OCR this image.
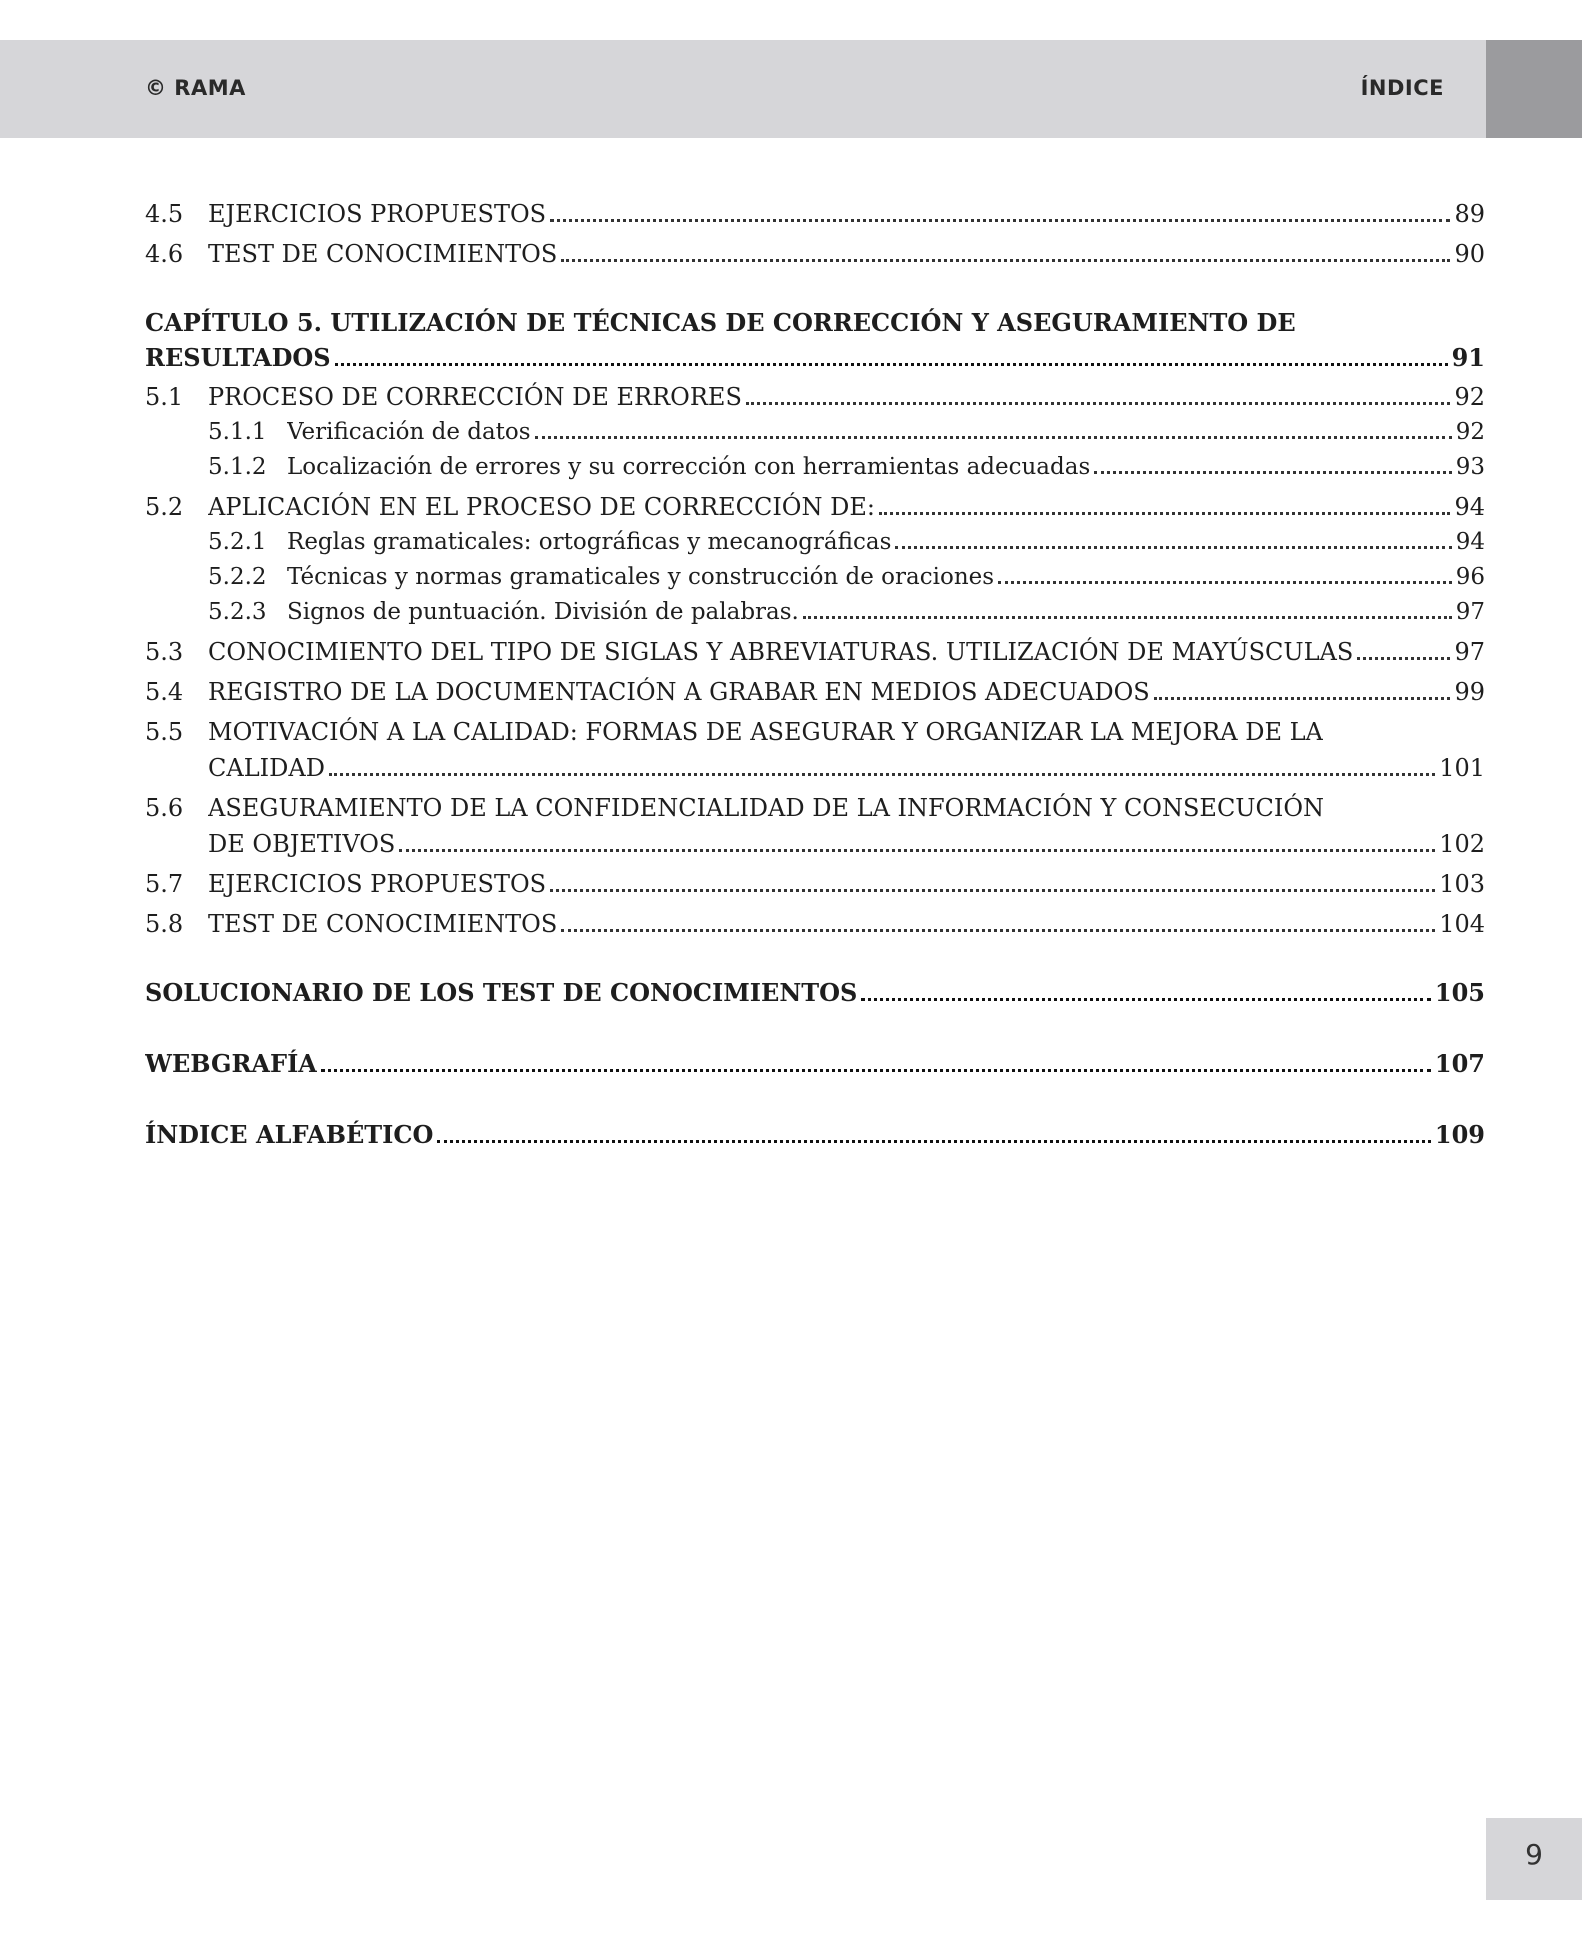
© RAMA	ÍNDICE
4.5 EJERCICIOS PROPUESTOS	89
4.6 TEST DE CONOCIMIENTOS	90
CAPÍTULO 5. UTILIZACIÓN DE TÉCNICAS DE CORRECCIÓN Y ASEGURAMIENTO DE
RESULTADOS	91
5.1 PROCESO DE CORRECCIÓN DE ERRORES	92
5.1.1 Verificación de datos	92
5.1.2 Localización de errores y su corrección con herramientas adecuadas	93
5.2 APLICACIÓN EN EL PROCESO DE CORRECCIÓN DE:	94
5.2.1 Reglas gramaticales: ortográficas y mecanográficas	94
5.2.2 Técnicas y normas gramaticales y construcción de oraciones	96
5.2.3 Signos de puntuación. División de palabras.	97
5.3 CONOCIMIENTO DEL TIPO DE SIGLAS Y ABREVIATURAS. UTILIZACIÓN DE MAYÚSCULAS	97
5.4 REGISTRO DE LA DOCUMENTACIÓN A GRABAR EN MEDIOS ADECUADOS	99
5.5 MOTIVACIÓN A LA CALIDAD: FORMAS DE ASEGURAR Y ORGANIZAR LA MEJORA DE LA
CALIDAD	101
5.6 ASEGURAMIENTO DE LA CONFIDENCIALIDAD DE LA INFORMACIÓN Y CONSECUCIÓN
DE OBJETIVOS	102
5.7 EJERCICIOS PROPUESTOS	103
5.8 TEST DE CONOCIMIENTOS	104
SOLUCIONARIO DE LOS TEST DE CONOCIMIENTOS	105
WEBGRAFÍA	107
ÍNDICE ALFABÉTICO	109
9
